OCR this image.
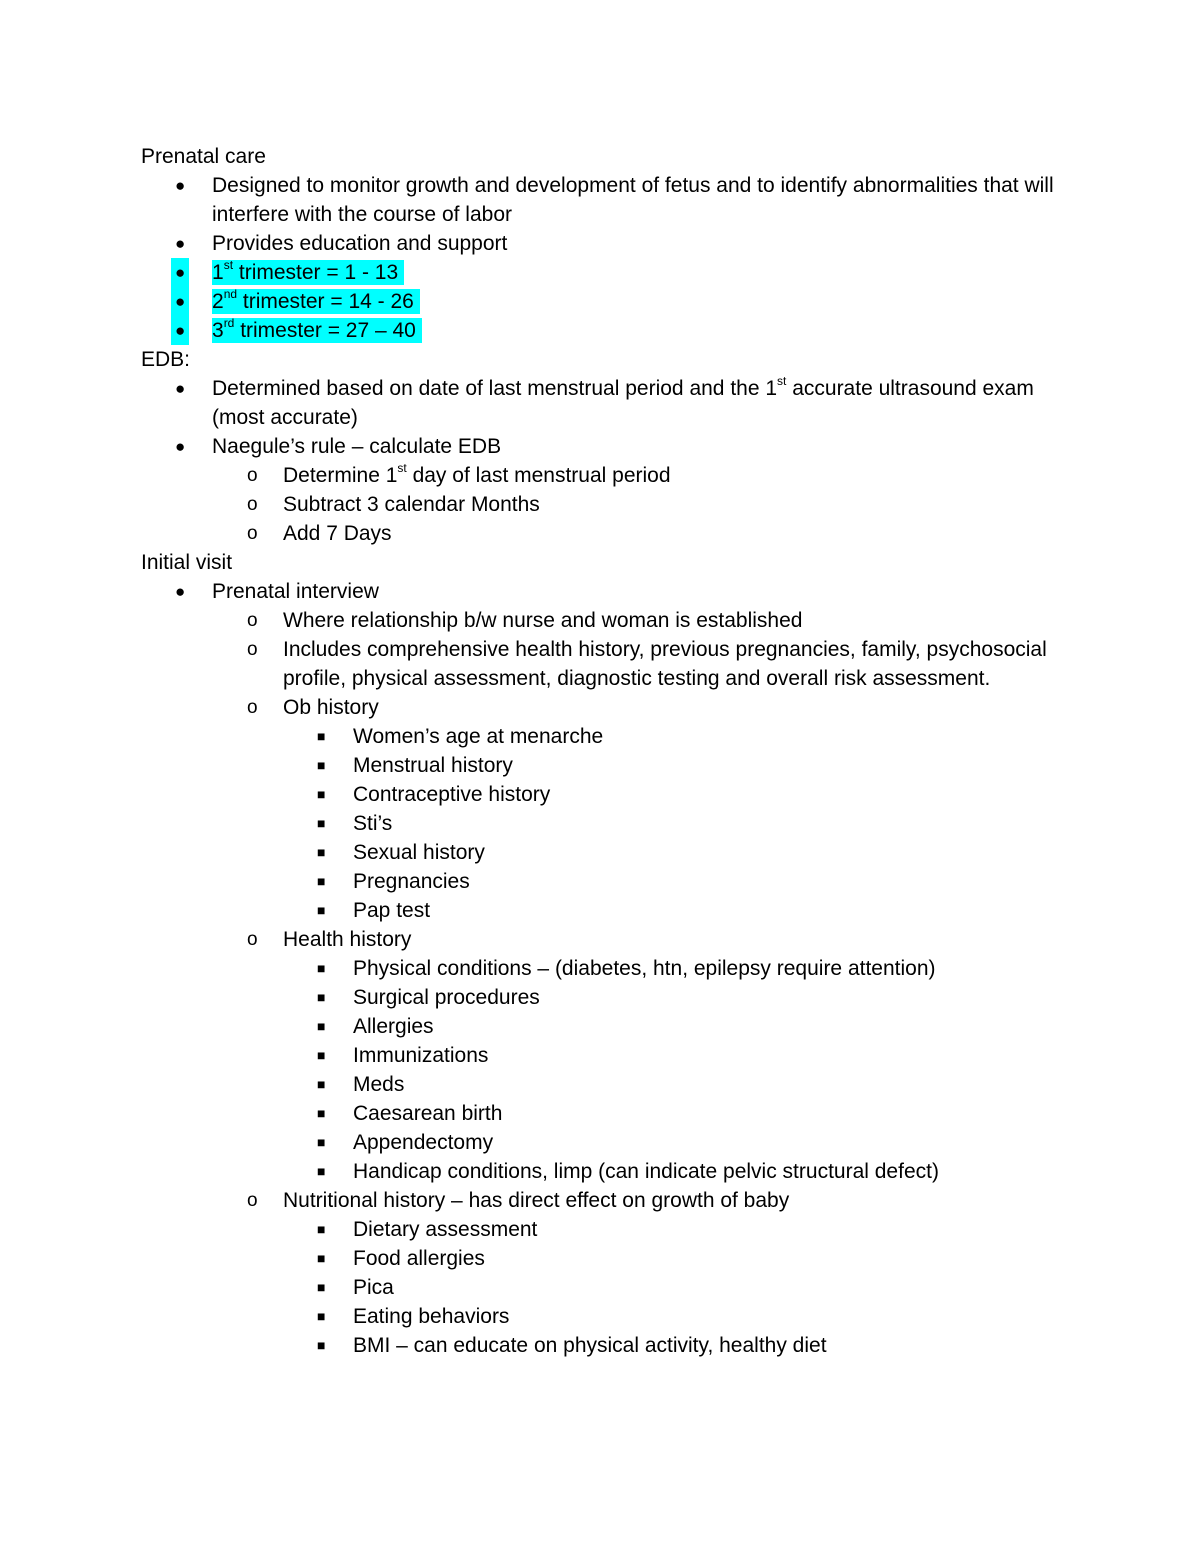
Prenatal care

● Designed to monitor growth and development of fetus and to identify abnormalities that will interfere with the course of labor
● Provides education and support
● 1st trimester = 1 - 13
● 2nd trimester = 14 - 26
● 3rd trimester = 27 – 40

EDB:

● Determined based on date of last menstrual period and the 1st accurate ultrasound exam (most accurate)
● Naegule’s rule – calculate EDB
o Determine 1st day of last menstrual period
o Subtract 3 calendar Months
o Add 7 Days

Initial visit

● Prenatal interview
o Where relationship b/w nurse and woman is established
o Includes comprehensive health history, previous pregnancies, family, psychosocial profile, physical assessment, diagnostic testing and overall risk assessment.
o Ob history
■ Women’s age at menarche
■ Menstrual history
■ Contraceptive history
■ Sti’s
■ Sexual history
■ Pregnancies
■ Pap test
o Health history
■ Physical conditions – (diabetes, htn, epilepsy require attention)
■ Surgical procedures
■ Allergies
■ Immunizations
■ Meds
■ Caesarean birth
■ Appendectomy
■ Handicap conditions, limp (can indicate pelvic structural defect)
o Nutritional history – has direct effect on growth of baby
■ Dietary assessment
■ Food allergies
■ Pica
■ Eating behaviors
■ BMI – can educate on physical activity, healthy diet
